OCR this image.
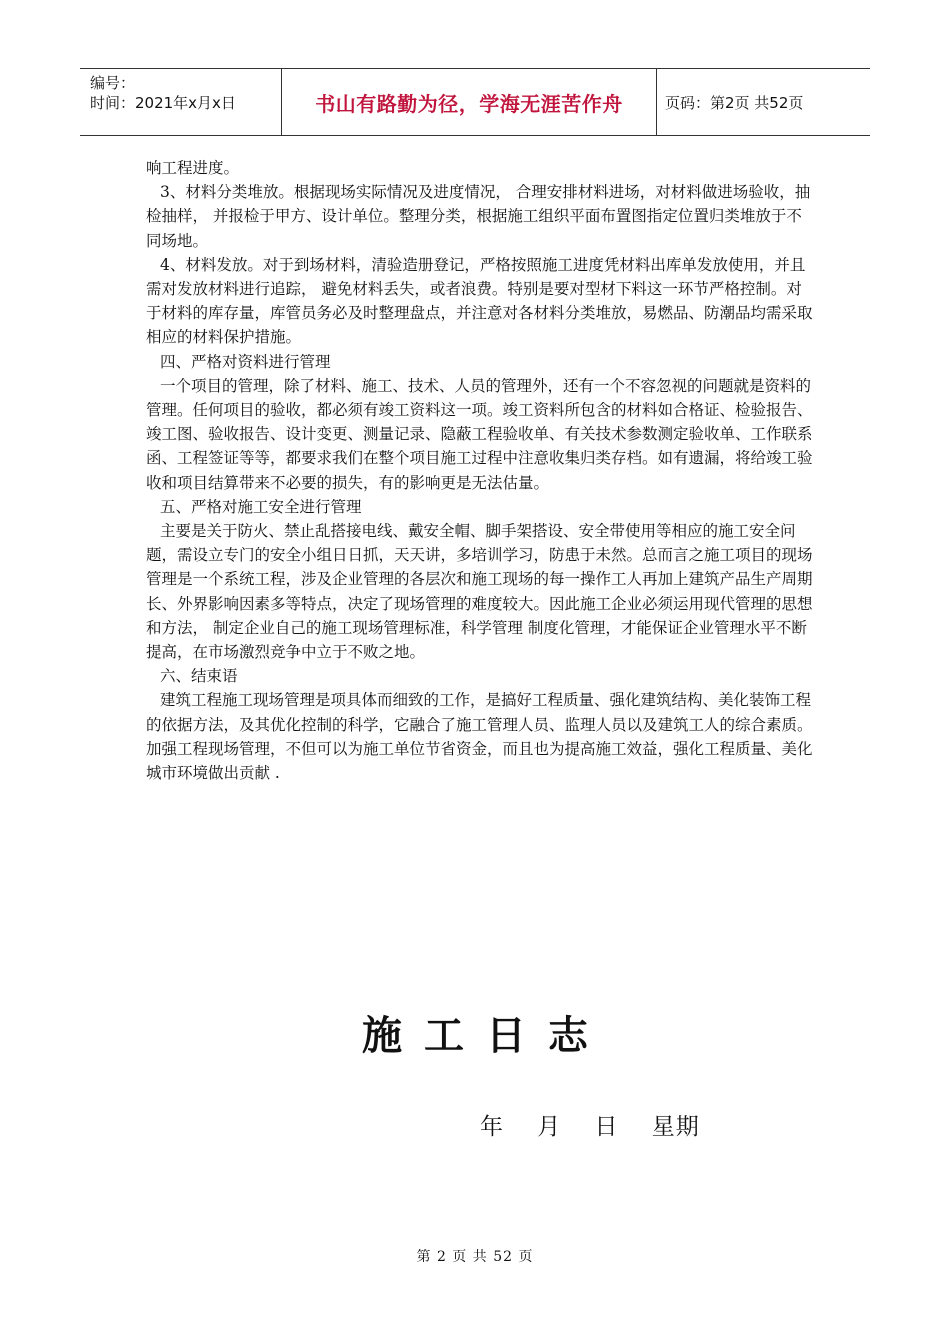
编号：
时间：2021年x月x日	书山有路勤为径，学海无涯苦作舟	页码：第2页 共52页

响工程进度。

3、材料分类堆放。根据现场实际情况及进度情况， 合理安排材料进场，对材料做进场验收，抽检抽样， 并报检于甲方、设计单位。整理分类，根据施工组织平面布置图指定位置归类堆放于不同场地。

4、材料发放。对于到场材料，清验造册登记，严格按照施工进度凭材料出库单发放使用，并且需对发放材料进行追踪， 避免材料丢失，或者浪费。特别是要对型材下料这一环节严格控制。对于材料的库存量，库管员务必及时整理盘点，并注意对各材料分类堆放，易燃品、防潮品均需采取相应的材料保护措施。

四、严格对资料进行管理

一个项目的管理，除了材料、施工、技术、人员的管理外，还有一个不容忽视的问题就是资料的管理。任何项目的验收，都必须有竣工资料这一项。竣工资料所包含的材料如合格证、检验报告、竣工图、验收报告、设计变更、测量记录、隐蔽工程验收单、有关技术参数测定验收单、工作联系函、工程签证等等，都要求我们在整个项目施工过程中注意收集归类存档。如有遗漏，将给竣工验收和项目结算带来不必要的损失，有的影响更是无法估量。

五、严格对施工安全进行管理

主要是关于防火、禁止乱搭接电线、戴安全帽、脚手架搭设、安全带使用等相应的施工安全问题，需设立专门的安全小组日日抓，天天讲，多培训学习，防患于未然。总而言之施工项目的现场管理是一个系统工程，涉及企业管理的各层次和施工现场的每一操作工人再加上建筑产品生产周期长、外界影响因素多等特点，决定了现场管理的难度较大。因此施工企业必须运用现代管理的思想和方法， 制定企业自己的施工现场管理标准，科学管理 制度化管理，才能保证企业管理水平不断提高，在市场激烈竞争中立于不败之地。

六、结束语

建筑工程施工现场管理是项具体而细致的工作，是搞好工程质量、强化建筑结构、美化装饰工程的依据方法，及其优化控制的科学，它融合了施工管理人员、监理人员以及建筑工人的综合素质。加强工程现场管理，不但可以为施工单位节省资金，而且也为提高施工效益，强化工程质量、美化城市环境做出贡献 .

施工日志
年    月    日    星期
第 2 页 共 52 页
